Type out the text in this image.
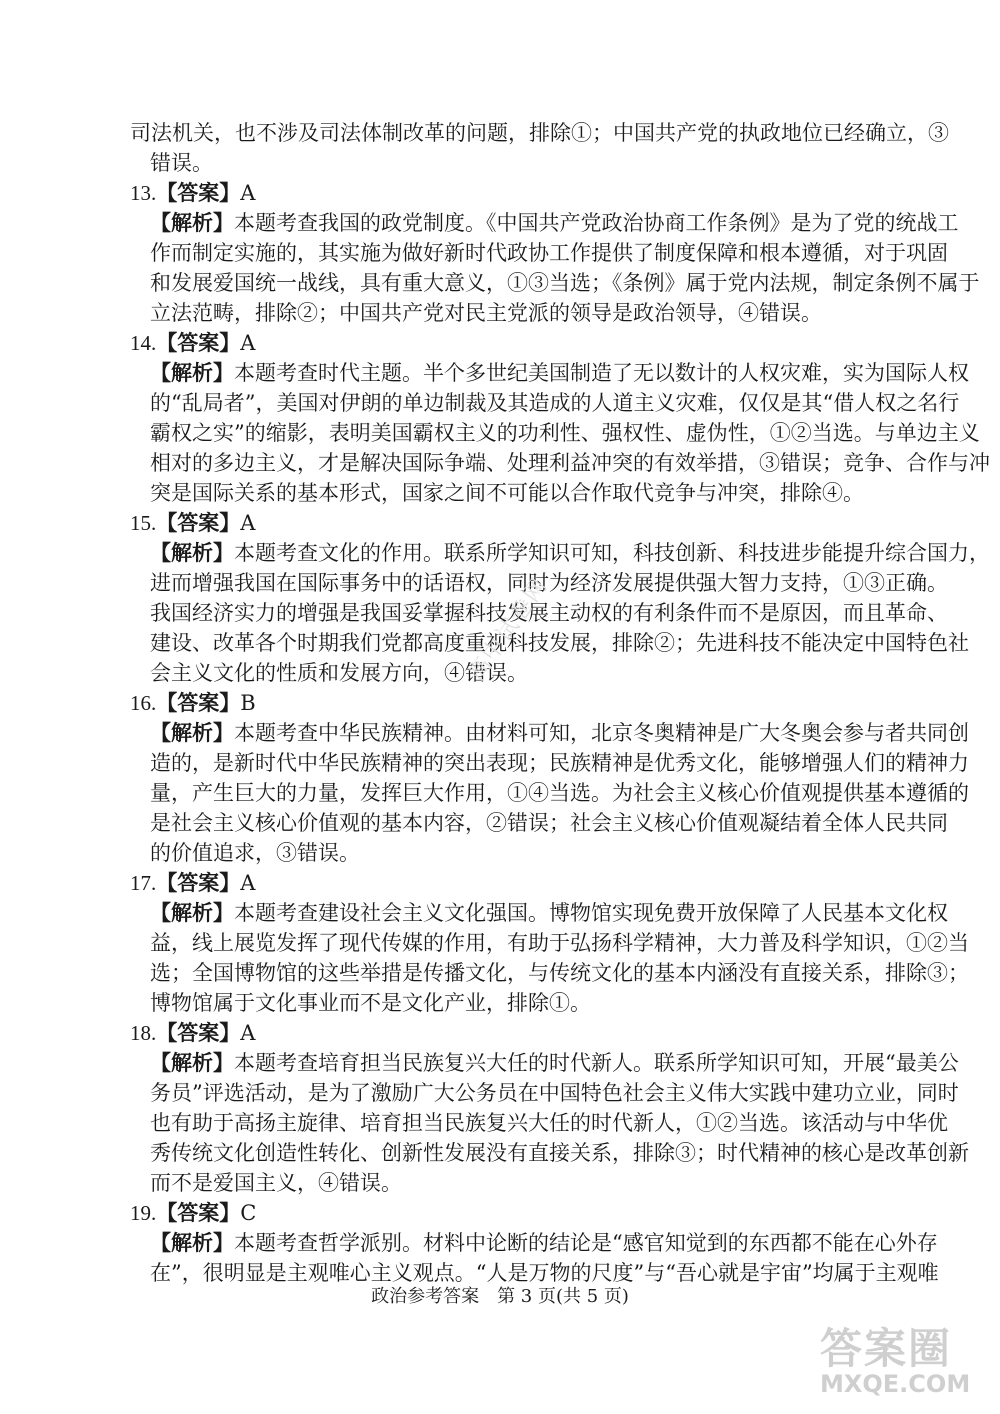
司法机关，也不涉及司法体制改革的问题，排除①；中国共产党的执政地位已经确立，③
错误。
13.【答案】A
【解析】本题考查我国的政党制度。《中国共产党政治协商工作条例》是为了党的统战工
作而制定实施的，其实施为做好新时代政协工作提供了制度保障和根本遵循，对于巩固
和发展爱国统一战线，具有重大意义，①③当选；《条例》属于党内法规，制定条例不属于
立法范畴，排除②；中国共产党对民主党派的领导是政治领导，④错误。
14.【答案】A
【解析】本题考查时代主题。半个多世纪美国制造了无以数计的人权灾难，实为国际人权
的“乱局者”，美国对伊朗的单边制裁及其造成的人道主义灾难，仅仅是其“借人权之名行
霸权之实”的缩影，表明美国霸权主义的功利性、强权性、虚伪性，①②当选。与单边主义
相对的多边主义，才是解决国际争端、处理利益冲突的有效举措，③错误；竞争、合作与冲
突是国际关系的基本形式，国家之间不可能以合作取代竞争与冲突，排除④。
15.【答案】A
【解析】本题考查文化的作用。联系所学知识可知，科技创新、科技进步能提升综合国力，
进而增强我国在国际事务中的话语权，同时为经济发展提供强大智力支持，①③正确。
我国经济实力的增强是我国妥掌握科技发展主动权的有利条件而不是原因，而且革命、
建设、改革各个时期我们党都高度重视科技发展，排除②；先进科技不能决定中国特色社
会主义文化的性质和发展方向，④错误。
16.【答案】B
【解析】本题考查中华民族精神。由材料可知，北京冬奥精神是广大冬奥会参与者共同创
造的，是新时代中华民族精神的突出表现；民族精神是优秀文化，能够增强人们的精神力
量，产生巨大的力量，发挥巨大作用，①④当选。为社会主义核心价值观提供基本遵循的
是社会主义核心价值观的基本内容，②错误；社会主义核心价值观凝结着全体人民共同
的价值追求，③错误。
17.【答案】A
【解析】本题考查建设社会主义文化强国。博物馆实现免费开放保障了人民基本文化权
益，线上展览发挥了现代传媒的作用，有助于弘扬科学精神，大力普及科学知识，①②当
选；全国博物馆的这些举措是传播文化，与传统文化的基本内涵没有直接关系，排除③；
博物馆属于文化事业而不是文化产业，排除①。
18.【答案】A
【解析】本题考查培育担当民族复兴大任的时代新人。联系所学知识可知，开展“最美公
务员”评选活动，是为了激励广大公务员在中国特色社会主义伟大实践中建功立业，同时
也有助于高扬主旋律、培育担当民族复兴大任的时代新人，①②当选。该活动与中华优
秀传统文化创造性转化、创新性发展没有直接关系，排除③；时代精神的核心是改革创新
而不是爱国主义，④错误。
19.【答案】C
【解析】本题考查哲学派别。材料中论断的结论是“感官知觉到的东西都不能在心外存
在”，很明显是主观唯心主义观点。“人是万物的尺度”与“吾心就是宇宙”均属于主观唯
政治参考答案　第 3 页(共 5 页)
高中试卷网
答案圈
MXQE.COM
